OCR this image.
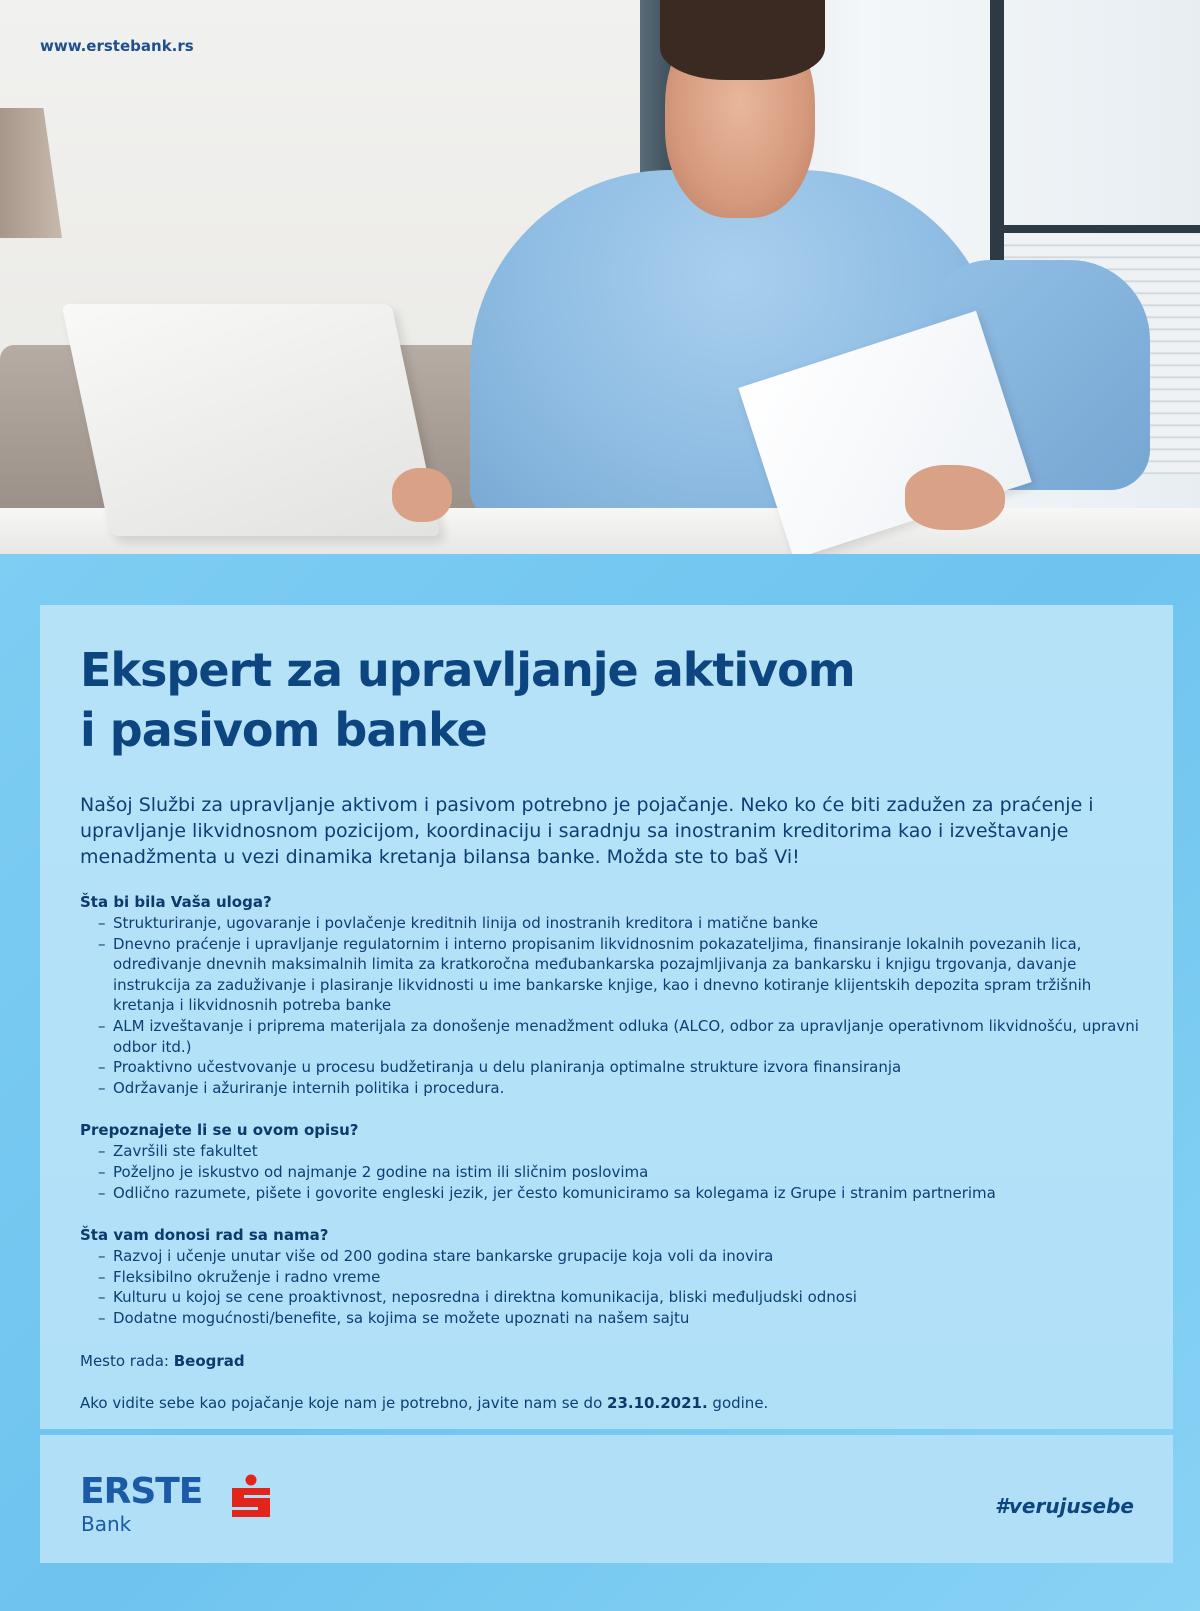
www.erstebank.rs
Ekspert za upravljanje aktivom
i pasivom banke

Našoj Službi za upravljanje aktivom i pasivom potrebno je pojačanje. Neko ko će biti zadužen za praćenje i upravljanje likvidnosnom pozicijom, koordinaciju i saradnju sa inostranim kreditorima kao i izveštavanje menadžmenta u vezi dinamika kretanja bilansa banke. Možda ste to baš Vi!

Šta bi bila Vaša uloga?
– Strukturiranje, ugovaranje i povlačenje kreditnih linija od inostranih kreditora i matične banke
– Dnevno praćenje i upravljanje regulatornim i interno propisanim likvidnosnim pokazateljima, finansiranje lokalnih povezanih lica, određivanje dnevnih maksimalnih limita za kratkoročna međubankarska pozajmljivanja za bankarsku i knjigu trgovanja, davanje instrukcija za zaduživanje i plasiranje likvidnosti u ime bankarske knjige, kao i dnevno kotiranje klijentskih depozita spram tržišnih kretanja i likvidnosnih potreba banke
– ALM izveštavanje i priprema materijala za donošenje menadžment odluka (ALCO, odbor za upravljanje operativnom likvidnošću, upravni odbor itd.)
– Proaktivno učestvovanje u procesu budžetiranja u delu planiranja optimalne strukture izvora finansiranja
– Održavanje i ažuriranje internih politika i procedura.
Prepoznajete li se u ovom opisu?
– Završili ste fakultet
– Poželjno je iskustvo od najmanje 2 godine na istim ili sličnim poslovima
– Odlično razumete, pišete i govorite engleski jezik, jer često komuniciramo sa kolegama iz Grupe i stranim partnerima
Šta vam donosi rad sa nama?
– Razvoj i učenje unutar više od 200 godina stare bankarske grupacije koja voli da inovira
– Fleksibilno okruženje i radno vreme
– Kulturu u kojoj se cene proaktivnost, neposredna i direktna komunikacija, bliski međuljudski odnosi
– Dodatne mogućnosti/benefite, sa kojima se možete upoznati na našem sajtu

Mesto rada: Beograd

Ako vidite sebe kao pojačanje koje nam je potrebno, javite nam se do 23.10.2021. godine.

ERSTE
Bank
#verujusebe
